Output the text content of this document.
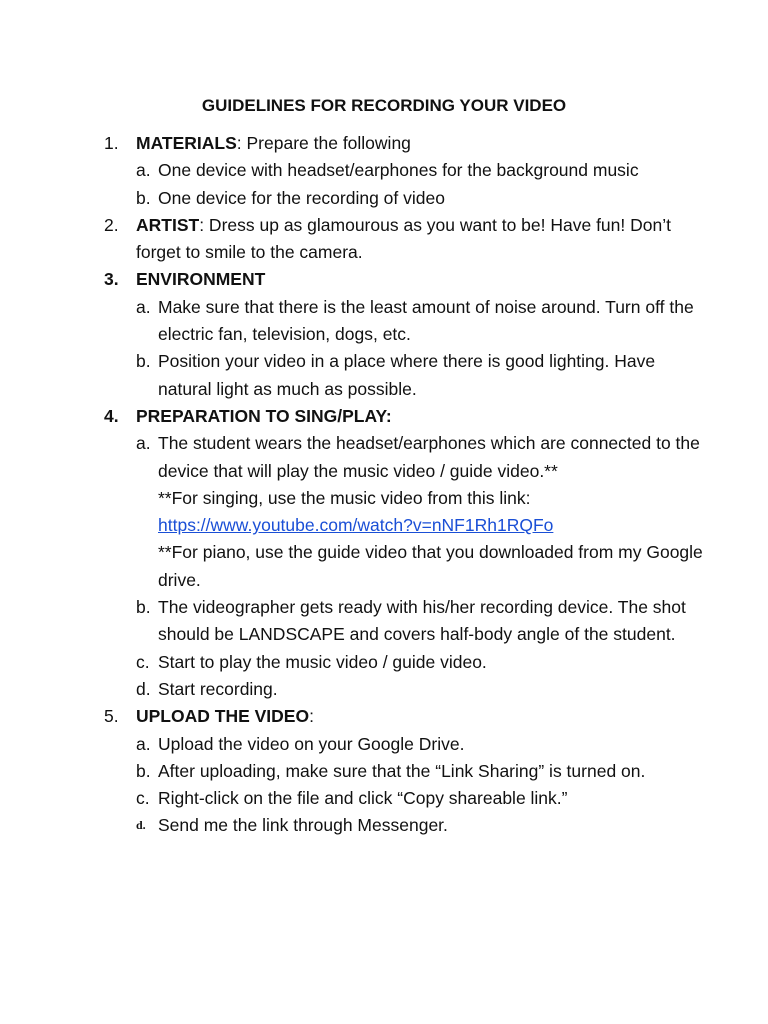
GUIDELINES FOR RECORDING YOUR VIDEO
1. MATERIALS: Prepare the following
a. One device with headset/earphones for the background music
b. One device for the recording of video
2. ARTIST: Dress up as glamourous as you want to be! Have fun! Don’t forget to smile to the camera.
3. ENVIRONMENT
a. Make sure that there is the least amount of noise around. Turn off the electric fan, television, dogs, etc.
b. Position your video in a place where there is good lighting. Have natural light as much as possible.
4. PREPARATION TO SING/PLAY:
a. The student wears the headset/earphones which are connected to the device that will play the music video / guide video.**
**For singing, use the music video from this link:
https://www.youtube.com/watch?v=nNF1Rh1RQFo
**For piano, use the guide video that you downloaded from my Google drive.
b. The videographer gets ready with his/her recording device. The shot should be LANDSCAPE and covers half-body angle of the student.
c. Start to play the music video / guide video.
d. Start recording.
5. UPLOAD THE VIDEO:
a. Upload the video on your Google Drive.
b. After uploading, make sure that the “Link Sharing” is turned on.
c. Right-click on the file and click “Copy shareable link.”
d. Send me the link through Messenger.
